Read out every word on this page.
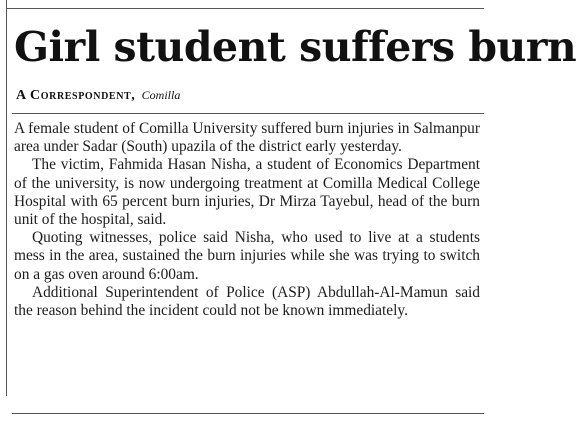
Girl student suffers burn
A Correspondent, Comilla

A female student of Comilla University suffered burn injuries in Salmanpur area under Sadar (South) upazila of the district early yesterday.

The victim, Fahmida Hasan Nisha, a student of Economics Department of the university, is now undergoing treatment at Comilla Medical College Hospital with 65 percent burn injuries, Dr Mirza Tayebul, head of the burn unit of the hospital, said.

Quoting witnesses, police said Nisha, who used to live at a students mess in the area, sustained the burn injuries while she was trying to switch on a gas oven around 6:00am.

Additional Superintendent of Police (ASP) Abdullah-Al-Mamun said the reason behind the incident could not be known immediately.
